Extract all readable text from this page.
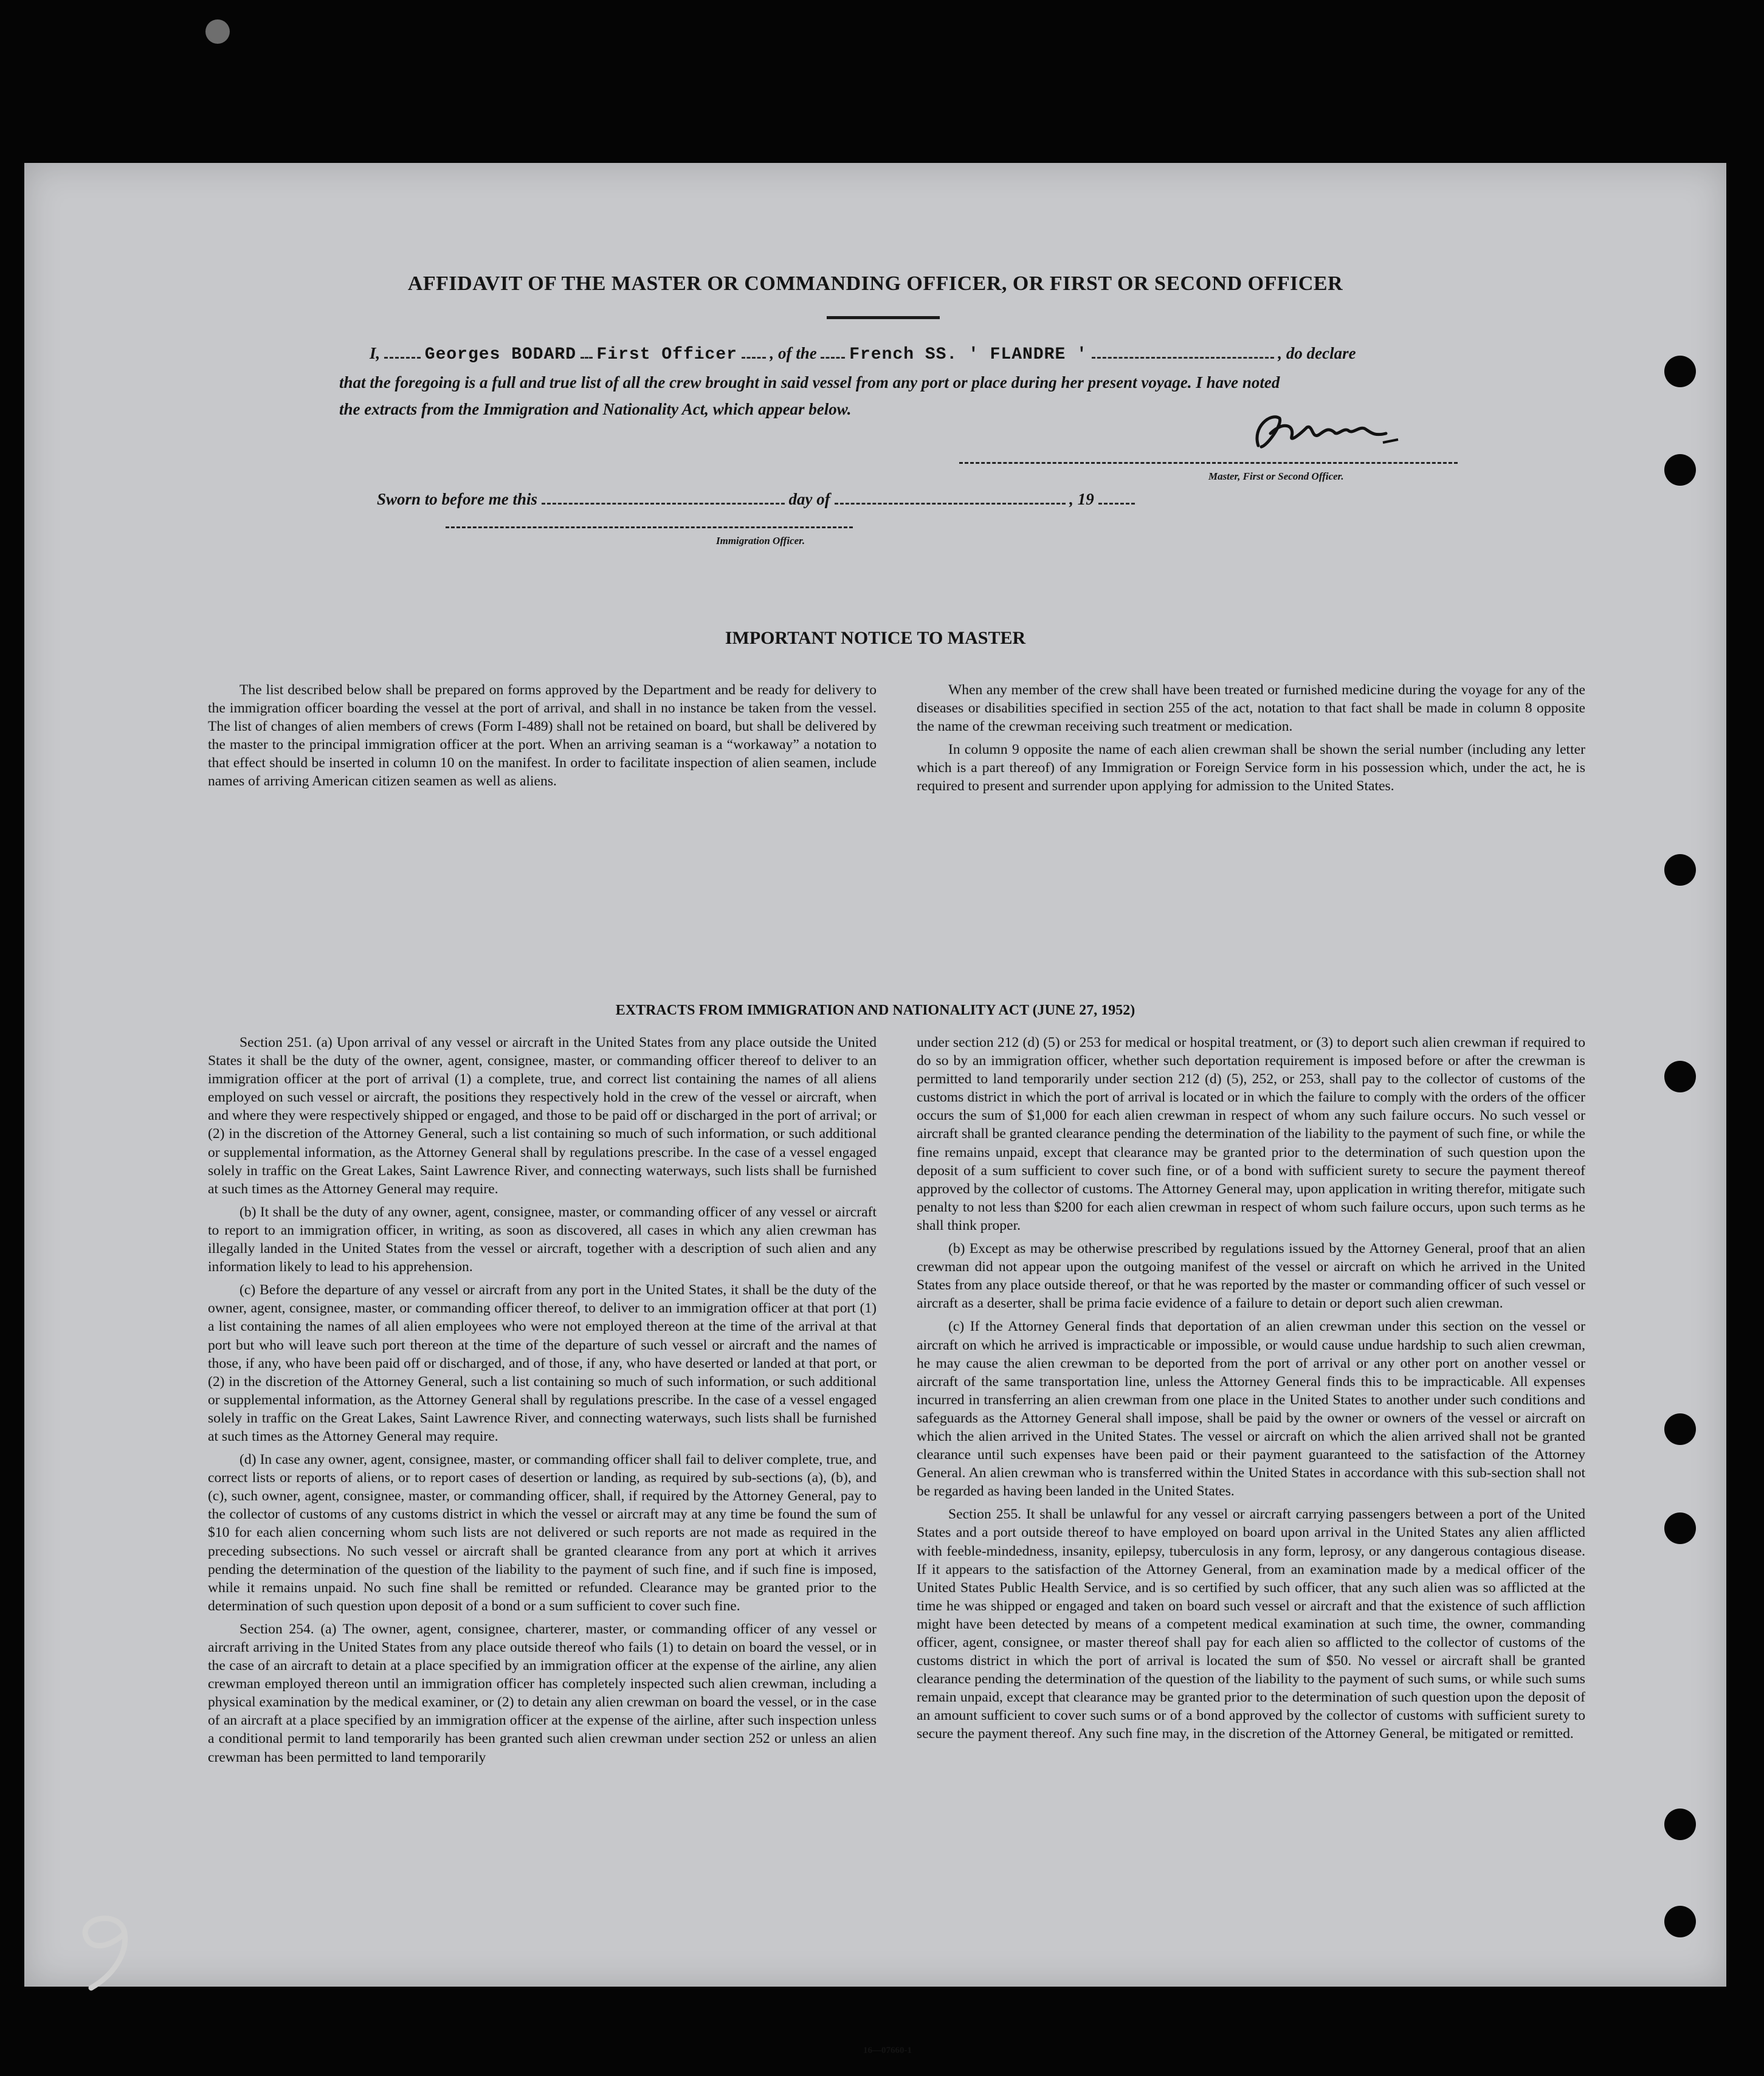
AFFIDAVIT OF THE MASTER OR COMMANDING OFFICER, OR FIRST OR SECOND OFFICER
I,	Georges BODARD First Officer , of the French SS. ' FLANDRE '	, do declare
that the foregoing is a full and true list of all the crew brought in said vessel from any port or place during her present voyage. I have noted
the extracts from the Immigration and Nationality Act, which appear below.
Master, First or Second Officer.
Sworn to before me this	day of	, 19
Immigration Officer.
IMPORTANT NOTICE TO MASTER

The list described below shall be prepared on forms approved by the Department and be ready for delivery to the immigration officer boarding the vessel at the port of arrival, and shall in no instance be taken from the vessel. The list of changes of alien members of crews (Form I-489) shall not be retained on board, but shall be delivered by the master to the principal immigration officer at the port. When an arriving seaman is a “workaway” a notation to that effect should be inserted in column 10 on the manifest. In order to facilitate inspection of alien seamen, include names of arriving American citizen seamen as well as aliens.

When any member of the crew shall have been treated or furnished medicine during the voyage for any of the diseases or disabilities specified in section 255 of the act, notation to that fact shall be made in column 8 opposite the name of the crewman receiving such treatment or medication.

In column 9 opposite the name of each alien crewman shall be shown the serial number (including any letter which is a part thereof) of any Immigration or Foreign Service form in his possession which, under the act, he is required to present and surrender upon applying for admission to the United States.

EXTRACTS FROM IMMIGRATION AND NATIONALITY ACT (JUNE 27, 1952)

Section 251. (a) Upon arrival of any vessel or aircraft in the United States from any place outside the United States it shall be the duty of the owner, agent, consignee, master, or commanding officer thereof to deliver to an immigration officer at the port of arrival (1) a complete, true, and correct list containing the names of all aliens employed on such vessel or aircraft, the positions they respectively hold in the crew of the vessel or aircraft, when and where they were respectively shipped or engaged, and those to be paid off or discharged in the port of arrival; or (2) in the discretion of the Attorney General, such a list containing so much of such information, or such additional or supplemental information, as the Attorney General shall by regulations prescribe. In the case of a vessel engaged solely in traffic on the Great Lakes, Saint Lawrence River, and connecting waterways, such lists shall be furnished at such times as the Attorney General may require.

(b) It shall be the duty of any owner, agent, consignee, master, or commanding officer of any vessel or aircraft to report to an immigration officer, in writing, as soon as discovered, all cases in which any alien crewman has illegally landed in the United States from the vessel or aircraft, together with a description of such alien and any information likely to lead to his apprehension.

(c) Before the departure of any vessel or aircraft from any port in the United States, it shall be the duty of the owner, agent, consignee, master, or commanding officer thereof, to deliver to an immigration officer at that port (1) a list containing the names of all alien employees who were not employed thereon at the time of the arrival at that port but who will leave such port thereon at the time of the departure of such vessel or aircraft and the names of those, if any, who have been paid off or discharged, and of those, if any, who have deserted or landed at that port, or (2) in the discretion of the Attorney General, such a list containing so much of such information, or such additional or supplemental information, as the Attorney General shall by regulations prescribe. In the case of a vessel engaged solely in traffic on the Great Lakes, Saint Lawrence River, and connecting waterways, such lists shall be furnished at such times as the Attorney General may require.

(d) In case any owner, agent, consignee, master, or commanding officer shall fail to deliver complete, true, and correct lists or reports of aliens, or to report cases of desertion or landing, as required by sub-sections (a), (b), and (c), such owner, agent, consignee, master, or commanding officer, shall, if required by the Attorney General, pay to the collector of customs of any customs district in which the vessel or aircraft may at any time be found the sum of $10 for each alien concerning whom such lists are not delivered or such reports are not made as required in the preceding subsections. No such vessel or aircraft shall be granted clearance from any port at which it arrives pending the determination of the question of the liability to the payment of such fine, and if such fine is imposed, while it remains unpaid. No such fine shall be remitted or refunded. Clearance may be granted prior to the determination of such question upon deposit of a bond or a sum sufficient to cover such fine.

Section 254. (a) The owner, agent, consignee, charterer, master, or commanding officer of any vessel or aircraft arriving in the United States from any place outside thereof who fails (1) to detain on board the vessel, or in the case of an aircraft to detain at a place specified by an immigration officer at the expense of the airline, any alien crewman employed thereon until an immigration officer has completely inspected such alien crewman, including a physical examination by the medical examiner, or (2) to detain any alien crewman on board the vessel, or in the case of an aircraft at a place specified by an immigration officer at the expense of the airline, after such inspection unless a conditional permit to land temporarily has been granted such alien crewman under section 252 or unless an alien crewman has been permitted to land temporarily

under section 212 (d) (5) or 253 for medical or hospital treatment, or (3) to deport such alien crewman if required to do so by an immigration officer, whether such deportation requirement is imposed before or after the crewman is permitted to land temporarily under section 212 (d) (5), 252, or 253, shall pay to the collector of customs of the customs district in which the port of arrival is located or in which the failure to comply with the orders of the officer occurs the sum of $1,000 for each alien crewman in respect of whom any such failure occurs. No such vessel or aircraft shall be granted clearance pending the determination of the liability to the payment of such fine, or while the fine remains unpaid, except that clearance may be granted prior to the determination of such question upon the deposit of a sum sufficient to cover such fine, or of a bond with sufficient surety to secure the payment thereof approved by the collector of customs. The Attorney General may, upon application in writing therefor, mitigate such penalty to not less than $200 for each alien crewman in respect of whom such failure occurs, upon such terms as he shall think proper.

(b) Except as may be otherwise prescribed by regulations issued by the Attorney General, proof that an alien crewman did not appear upon the outgoing manifest of the vessel or aircraft on which he arrived in the United States from any place outside thereof, or that he was reported by the master or commanding officer of such vessel or aircraft as a deserter, shall be prima facie evidence of a failure to detain or deport such alien crewman.

(c) If the Attorney General finds that deportation of an alien crewman under this section on the vessel or aircraft on which he arrived is impracticable or impossible, or would cause undue hardship to such alien crewman, he may cause the alien crewman to be deported from the port of arrival or any other port on another vessel or aircraft of the same transportation line, unless the Attorney General finds this to be impracticable. All expenses incurred in transferring an alien crewman from one place in the United States to another under such conditions and safeguards as the Attorney General shall impose, shall be paid by the owner or owners of the vessel or aircraft on which the alien arrived in the United States. The vessel or aircraft on which the alien arrived shall not be granted clearance until such expenses have been paid or their payment guaranteed to the satisfaction of the Attorney General. An alien crewman who is transferred within the United States in accordance with this sub-section shall not be regarded as having been landed in the United States.

Section 255. It shall be unlawful for any vessel or aircraft carrying passengers between a port of the United States and a port outside thereof to have employed on board upon arrival in the United States any alien afflicted with feeble-mindedness, insanity, epilepsy, tuberculosis in any form, leprosy, or any dangerous contagious disease. If it appears to the satisfaction of the Attorney General, from an examination made by a medical officer of the United States Public Health Service, and is so certified by such officer, that any such alien was so afflicted at the time he was shipped or engaged and taken on board such vessel or aircraft and that the existence of such affliction might have been detected by means of a competent medical examination at such time, the owner, commanding officer, agent, consignee, or master thereof shall pay for each alien so afflicted to the collector of customs of the customs district in which the port of arrival is located the sum of $50. No vessel or aircraft shall be granted clearance pending the determination of the question of the liability to the payment of such sums, or while such sums remain unpaid, except that clearance may be granted prior to the determination of such question upon the deposit of an amount sufficient to cover such sums or of a bond approved by the collector of customs with sufficient surety to secure the payment thereof. Any such fine may, in the discretion of the Attorney General, be mitigated or remitted.

16—07660-1
